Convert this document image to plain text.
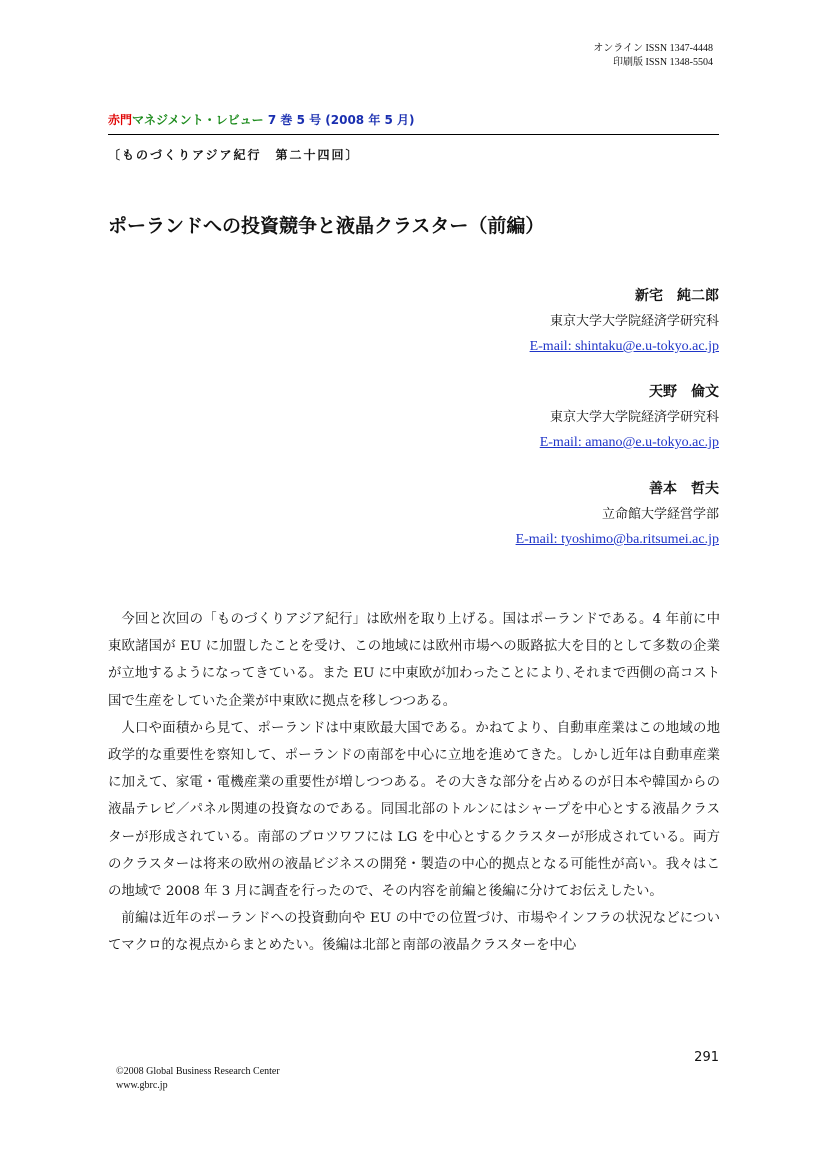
オンライン ISSN 1347-4448
印刷版 ISSN 1348-5504
赤門マネジメント・レビュー 7 巻 5 号 (2008 年 5 月)
〔ものづくりアジア紀行　第二十四回〕
ポーランドへの投資競争と液晶クラスター（前編）
新宅　純二郎
東京大学大学院経済学研究科
E-mail: shintaku@e.u-tokyo.ac.jp
天野　倫文
東京大学大学院経済学研究科
E-mail: amano@e.u-tokyo.ac.jp
善本　哲夫
立命館大学経営学部
E-mail: tyoshimo@ba.ritsumei.ac.jp

今回と次回の「ものづくりアジア紀行」は欧州を取り上げる。国はポーランドである。4 年前に中東欧諸国が EU に加盟したことを受け、この地域には欧州市場への販路拡大を目的として多数の企業が立地するようになってきている。また EU に中東欧が加わったことにより､それまで西側の高コスト国で生産をしていた企業が中東欧に拠点を移しつつある。

人口や面積から見て、ポーランドは中東欧最大国である。かねてより、自動車産業はこの地域の地政学的な重要性を察知して、ポーランドの南部を中心に立地を進めてきた。しかし近年は自動車産業に加えて、家電・電機産業の重要性が増しつつある。その大きな部分を占めるのが日本や韓国からの液晶テレビ／パネル関連の投資なのである。同国北部のトルンにはシャープを中心とする液晶クラスターが形成されている。南部のブロツワフには LG を中心とするクラスターが形成されている。両方のクラスターは将来の欧州の液晶ビジネスの開発・製造の中心的拠点となる可能性が高い。我々はこの地域で 2008 年 3 月に調査を行ったので、その内容を前編と後編に分けてお伝えしたい。

前編は近年のポーランドへの投資動向や EU の中での位置づけ、市場やインフラの状況などについてマクロ的な視点からまとめたい。後編は北部と南部の液晶クラスターを中心

291
©2008 Global Business Research Center
www.gbrc.jp
